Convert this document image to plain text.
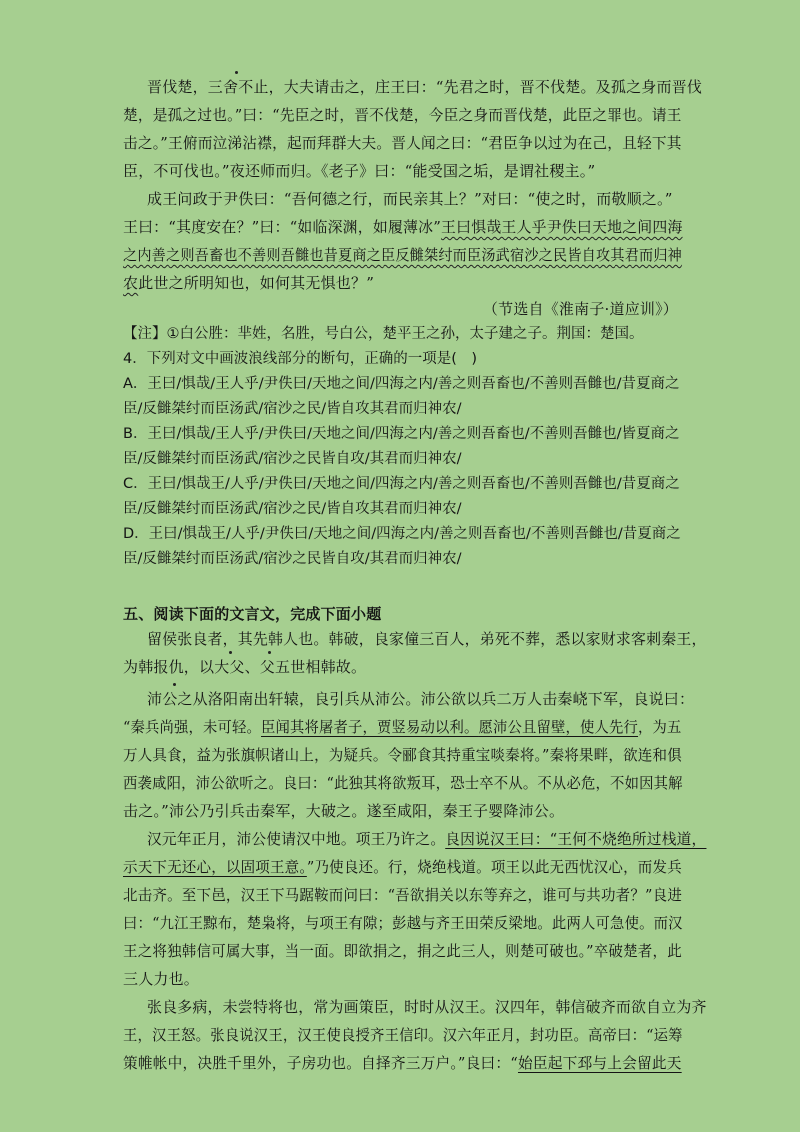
晋伐楚，三舍不止，大夫请击之，庄王曰：“先君之时，晋不伐楚。及孤之身而晋伐
楚，是孤之过也。”曰：“先臣之时，晋不伐楚，今臣之身而晋伐楚，此臣之罪也。请王
击之。”王俯而泣涕沾襟，起而拜群大夫。晋人闻之曰：“君臣争以过为在己，且轻下其
臣，不可伐也。”夜还师而归。《老子》曰：“能受国之垢，是谓社稷主。”
成王问政于尹佚曰：“吾何德之行，而民亲其上？”对曰：“使之时，而敬顺之。”
王曰：“其度安在？”曰：“如临深渊，如履薄冰”王曰惧哉王人乎尹佚曰天地之间四海
之内善之则吾畜也不善则吾雠也昔夏商之臣反雠桀纣而臣汤武宿沙之民皆自攻其君而归神
农此世之所明知也，如何其无惧也？”
（节选自《淮南子·道应训》）
【注】①白公胜：芈姓，名胜，号白公，楚平王之孙，太子建之子。荆国：楚国。
4．下列对文中画波浪线部分的断句，正确的一项是(　)
A．王曰/惧哉/王人乎/尹佚曰/天地之间/四海之内/善之则吾畜也/不善则吾雠也/昔夏商之
臣/反雠桀纣而臣汤武/宿沙之民/皆自攻其君而归神农/
B．王曰/惧哉/王人乎/尹佚曰/天地之间/四海之内/善之则吾畜也/不善则吾雠也/皆夏商之
臣/反雠桀纣而臣汤武/宿沙之民皆自攻/其君而归神农/
C．王曰/惧哉王/人乎/尹佚曰/天地之间/四海之内/善之则吾畜也/不善则吾雠也/昔夏商之
臣/反雠桀纣而臣汤武/宿沙之民/皆自攻其君而归神农/
D．王曰/惧哉王/人乎/尹佚曰/天地之间/四海之内/善之则吾畜也/不善则吾雠也/昔夏商之
臣/反雠桀纣而臣汤武/宿沙之民皆自攻/其君而归神农/
五、阅读下面的文言文，完成下面小题
留侯张良者，其先韩人也。韩破，良家僮三百人，弟死不葬，悉以家财求客刺秦王，
为韩报仇，以大父、父五世相韩故。
沛公之从洛阳南出轩辕，良引兵从沛公。沛公欲以兵二万人击秦峣下军，良说曰：
“秦兵尚强，未可轻。臣闻其将屠者子，贾竖易动以利。愿沛公且留壁，使人先行，为五
万人具食，益为张旗帜诸山上，为疑兵。令郦食其持重宝啖秦将。”秦将果畔，欲连和俱
西袭咸阳，沛公欲听之。良曰：“此独其将欲叛耳，恐士卒不从。不从必危，不如因其解
击之。”沛公乃引兵击秦军，大破之。遂至咸阳，秦王子婴降沛公。
汉元年正月，沛公使请汉中地。项王乃许之。良因说汉王曰：“王何不烧绝所过栈道，
示天下无还心，以固项王意。”乃使良还。行，烧绝栈道。项王以此无西忧汉心，而发兵
北击齐。至下邑，汉王下马踞鞍而问曰：“吾欲捐关以东等弃之，谁可与共功者？”良进
曰：“九江王黥布，楚枭将，与项王有隙；彭越与齐王田荣反梁地。此两人可急使。而汉
王之将独韩信可属大事，当一面。即欲捐之，捐之此三人，则楚可破也。”卒破楚者，此
三人力也。
张良多病，未尝特将也，常为画策臣，时时从汉王。汉四年，韩信破齐而欲自立为齐
王，汉王怒。张良说汉王，汉王使良授齐王信印。汉六年正月，封功臣。高帝曰：“运筹
策帷帐中，决胜千里外，子房功也。自择齐三万户。”良曰：“始臣起下邳与上会留此天
